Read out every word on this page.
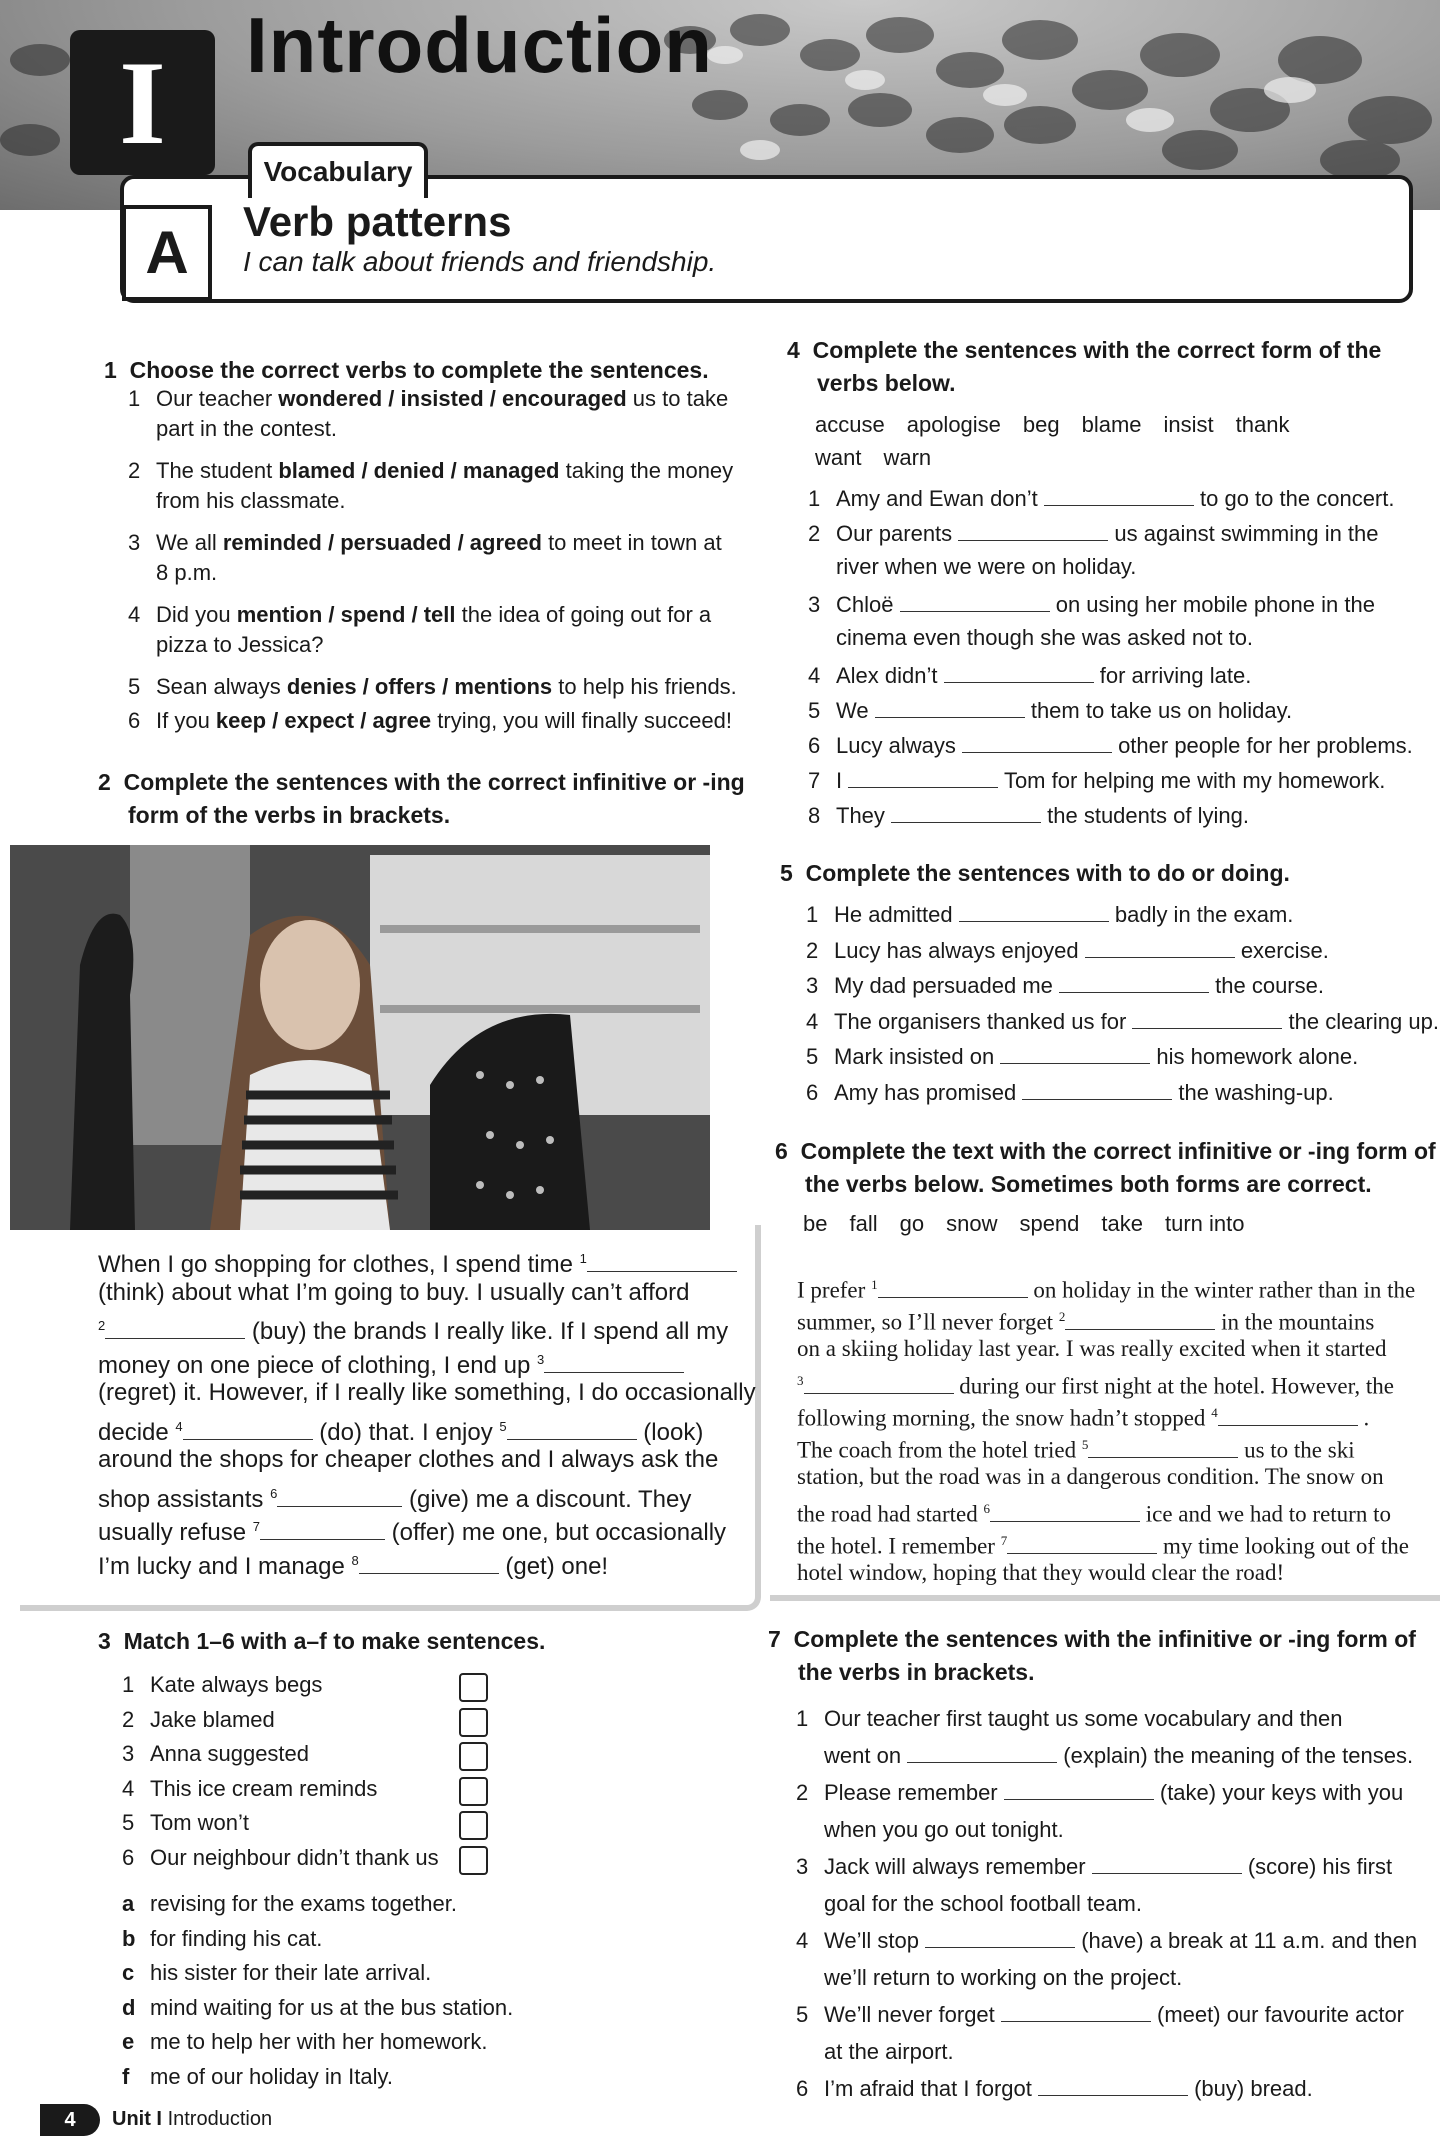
I	Introduction
Vocabulary
A	Verb patterns
I can talk about friends and friendship.
1 Choose the correct verbs to complete the sentences.
2 Complete the sentences with the correct infinitive or -ing
form of the verbs in brackets.
3 Match 1–6 with a–f to make sentences.
4 Complete the sentences with the correct form of the
verbs below.
accuse apologise beg blame insist thank
want warn
5 Complete the sentences with to do or doing.
6 Complete the text with the correct infinitive or -ing form of
the verbs below. Sometimes both forms are correct.
be fall go snow spend take turn into
7 Complete the sentences with the infinitive or -ing form of
the verbs in brackets.
4	Unit I Introduction
1 Our teacher wondered / insisted / encouraged us to take
part in the contest.
2 The student blamed / denied / managed taking the money
from his classmate.
3 We all reminded / persuaded / agreed to meet in town at
8 p.m.
4 Did you mention / spend / tell the idea of going out for a
pizza to Jessica?
5 Sean always denies / offers / mentions to help his friends.
6 If you keep / expect / agree trying, you will finally succeed!
When I go shopping for clothes, I spend time $^1$
(think) about what I’m going to buy. I usually can’t afford
$^2$	(buy) the brands I really like. If I spend all my
money on one piece of clothing, I end up $^3$
(regret) it. However, if I really like something, I do occasionally
decide $^4$	(do) that. I enjoy $^5$	(look)
around the shops for cheaper clothes and I always ask the
shop assistants $^6$	(give) me a discount. They
usually refuse $^7$	(offer) me one, but occasionally
I’m lucky and I manage $^8$	(get) one!
1 Kate always begs
2 Jake blamed
3 Anna suggested
4 This ice cream reminds
5 Tom won’t
6 Our neighbour didn’t thank us
a revising for the exams together.
b for finding his cat.
c his sister for their late arrival.
d mind waiting for us at the bus station.
e me to help her with her homework.
f me of our holiday in Italy.
1 Amy and Ewan don’t	to go to the concert.
2 Our parents	us against swimming in the
river when we were on holiday.
3 Chloë	on using her mobile phone in the
cinema even though she was asked not to.
4 Alex didn’t	for arriving late.
5 We	them to take us on holiday.
6 Lucy always	other people for her problems.
7 I	Tom for helping me with my homework.
8 They	the students of lying.
1 He admitted	badly in the exam.
2 Lucy has always enjoyed	exercise.
3 My dad persuaded me	the course.
4 The organisers thanked us for	the clearing up.
5 Mark insisted on	his homework alone.
6 Amy has promised	the washing-up.
I prefer $^1$	on holiday in the winter rather than in the
summer, so I’ll never forget $^2$	in the mountains
on a skiing holiday last year. I was really excited when it started
$^3$	during our first night at the hotel. However, the
following morning, the snow hadn’t stopped $^4$	.
The coach from the hotel tried $^5$	us to the ski
station, but the road was in a dangerous condition. The snow on
the road had started $^6$	ice and we had to return to
the hotel. I remember $^7$	my time looking out of the
hotel window, hoping that they would clear the road!
1 Our teacher first taught us some vocabulary and then
went on	(explain) the meaning of the tenses.
2 Please remember	(take) your keys with you
when you go out tonight.
3 Jack will always remember	(score) his first
goal for the school football team.
4 We’ll stop	(have) a break at 11 a.m. and then
we’ll return to working on the project.
5 We’ll never forget	(meet) our favourite actor
at the airport.
6 I’m afraid that I forgot	(buy) bread.
